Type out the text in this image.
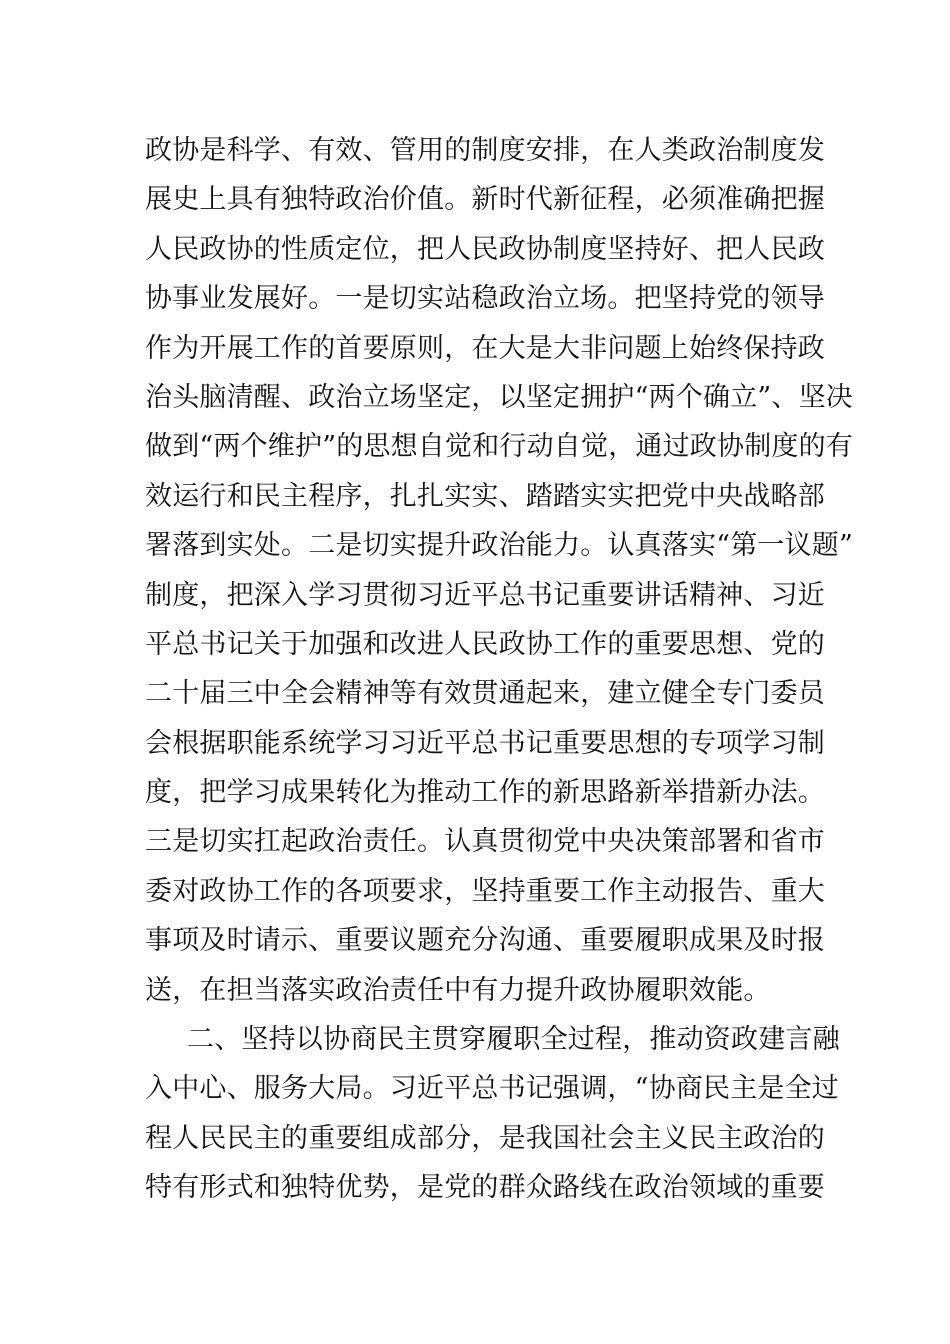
政协是科学、有效、管用的制度安排，在人类政治制度发
展史上具有独特政治价值。新时代新征程，必须准确把握
人民政协的性质定位，把人民政协制度坚持好、把人民政
协事业发展好。一是切实站稳政治立场。把坚持党的领导
作为开展工作的首要原则，在大是大非问题上始终保持政
治头脑清醒、政治立场坚定，以坚定拥护“两个确立”、坚决
做到“两个维护”的思想自觉和行动自觉，通过政协制度的有
效运行和民主程序，扎扎实实、踏踏实实把党中央战略部
署落到实处。二是切实提升政治能力。认真落实“第一议题”
制度，把深入学习贯彻习近平总书记重要讲话精神、习近
平总书记关于加强和改进人民政协工作的重要思想、党的
二十届三中全会精神等有效贯通起来，建立健全专门委员
会根据职能系统学习习近平总书记重要思想的专项学习制
度，把学习成果转化为推动工作的新思路新举措新办法。
三是切实扛起政治责任。认真贯彻党中央决策部署和省市
委对政协工作的各项要求，坚持重要工作主动报告、重大
事项及时请示、重要议题充分沟通、重要履职成果及时报
送，在担当落实政治责任中有力提升政协履职效能。
二、坚持以协商民主贯穿履职全过程，推动资政建言融
入中心、服务大局。习近平总书记强调，“协商民主是全过
程人民民主的重要组成部分，是我国社会主义民主政治的
特有形式和独特优势，是党的群众路线在政治领域的重要
